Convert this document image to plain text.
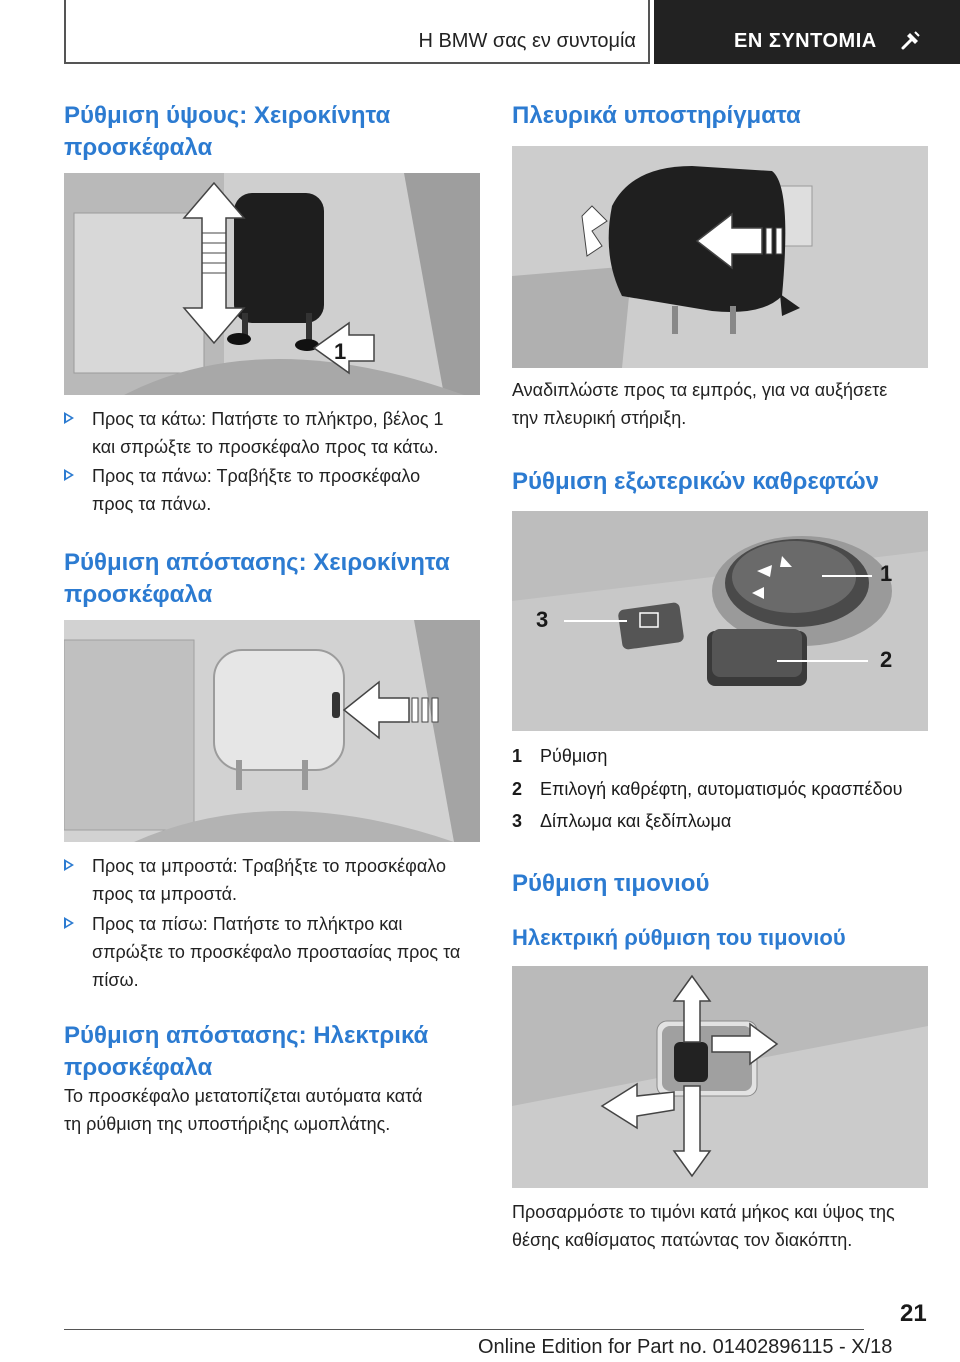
Η BMW σας εν συντομία	ΕΝ ΣΥΝΤΟΜΙΑ
Ρύθμιση ύψους: Χειροκίνητα
προσκέφαλα
1
Προς τα κάτω: Πατήστε το πλήκτρο, βέλος 1
και σπρώξτε το προσκέφαλο προς τα κάτω.
Προς τα πάνω: Τραβήξτε το προσκέφαλο
προς τα πάνω.
Ρύθμιση απόστασης: Χειροκίνητα
προσκέφαλα
Προς τα μπροστά: Τραβήξτε το προσκέφαλο
προς τα μπροστά.
Προς τα πίσω: Πατήστε το πλήκτρο και
σπρώξτε το προσκέφαλο προστασίας προς τα
πίσω.
Ρύθμιση απόστασης: Ηλεκτρικά
προσκέφαλα
Το προσκέφαλο μετατοπίζεται αυτόματα κατά
τη ρύθμιση της υποστήριξης ωμοπλάτης.
Πλευρικά υποστηρίγματα
Αναδιπλώστε προς τα εμπρός, για να αυξήσετε
την πλευρική στήριξη.
Ρύθμιση εξωτερικών καθρεφτών
1
2
3
1 Ρύθμιση
2 Επιλογή καθρέφτη, αυτοματισμός κρασπέδου
3 Δίπλωμα και ξεδίπλωμα
Ρύθμιση τιμονιού
Ηλεκτρική ρύθμιση του τιμονιού
Προσαρμόστε το τιμόνι κατά μήκος και ύψος της
θέσης καθίσματος πατώντας τον διακόπτη.
21
Online Edition for Part no. 01402896115 - X/18
